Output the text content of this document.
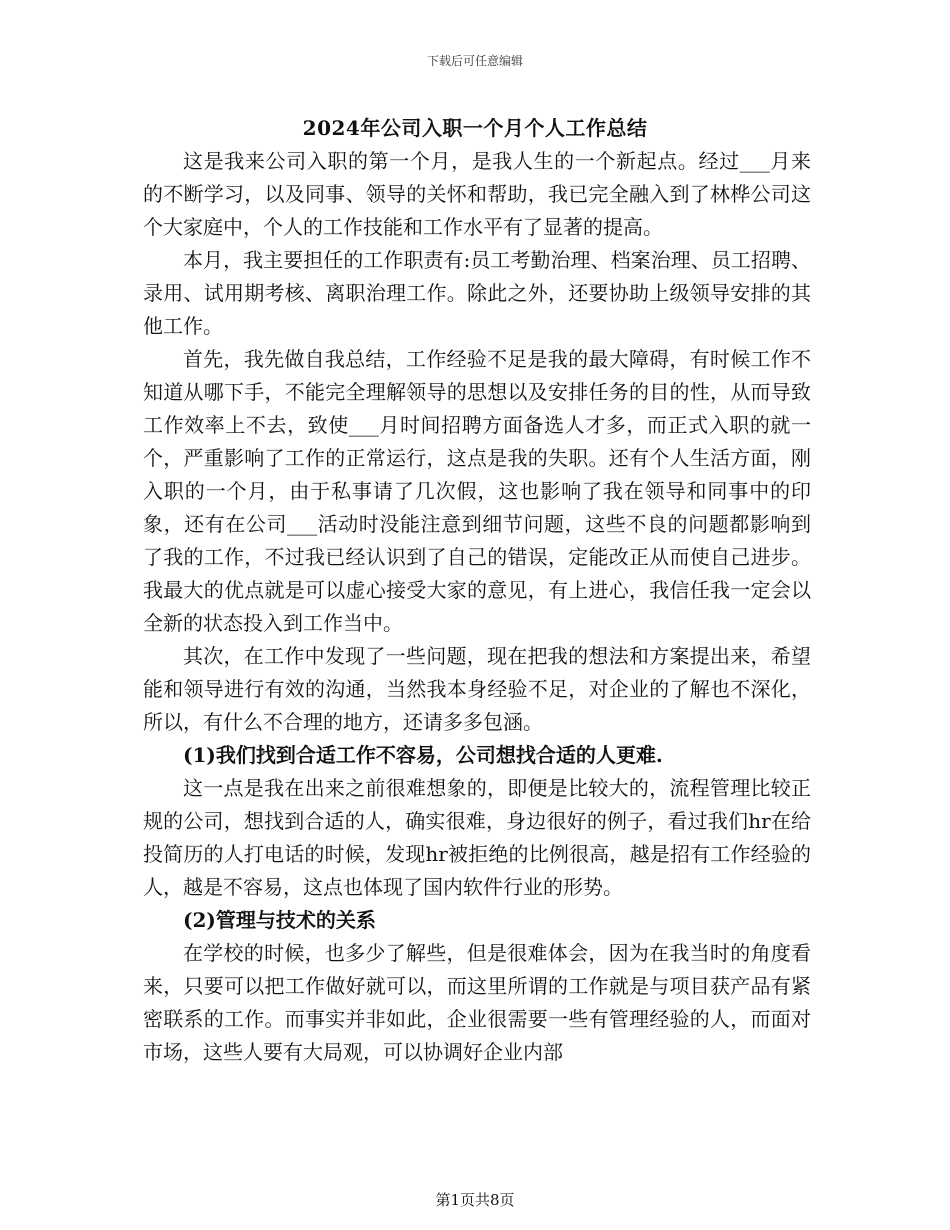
下载后可任意编辑
2024年公司入职一个月个人工作总结

这是我来公司入职的第一个月，是我人生的一个新起点。经过___月来的不断学习，以及同事、领导的关怀和帮助，我已完全融入到了林桦公司这个大家庭中，个人的工作技能和工作水平有了显著的提高。

本月，我主要担任的工作职责有:员工考勤治理、档案治理、员工招聘、录用、试用期考核、离职治理工作。除此之外，还要协助上级领导安排的其他工作。

首先，我先做自我总结，工作经验不足是我的最大障碍，有时候工作不知道从哪下手，不能完全理解领导的思想以及安排任务的目的性，从而导致工作效率上不去，致使___月时间招聘方面备选人才多，而正式入职的就一个，严重影响了工作的正常运行，这点是我的失职。还有个人生活方面，刚入职的一个月，由于私事请了几次假，这也影响了我在领导和同事中的印象，还有在公司___活动时没能注意到细节问题，这些不良的问题都影响到了我的工作，不过我已经认识到了自己的错误，定能改正从而使自己进步。我最大的优点就是可以虚心接受大家的意见，有上进心，我信任我一定会以全新的状态投入到工作当中。

其次，在工作中发现了一些问题，现在把我的想法和方案提出来，希望能和领导进行有效的沟通，当然我本身经验不足，对企业的了解也不深化，所以，有什么不合理的地方，还请多多包涵。

(1)我们找到合适工作不容易，公司想找合适的人更难.

这一点是我在出来之前很难想象的，即便是比较大的，流程管理比较正规的公司，想找到合适的人，确实很难，身边很好的例子，看过我们hr在给投简历的人打电话的时候，发现hr被拒绝的比例很高，越是招有工作经验的人，越是不容易，这点也体现了国内软件行业的形势。

(2)管理与技术的关系

在学校的时候，也多少了解些，但是很难体会，因为在我当时的角度看来，只要可以把工作做好就可以，而这里所谓的工作就是与项目获产品有紧密联系的工作。而事实并非如此，企业很需要一些有管理经验的人，而面对市场，这些人要有大局观，可以协调好企业内部

第1页共8页
